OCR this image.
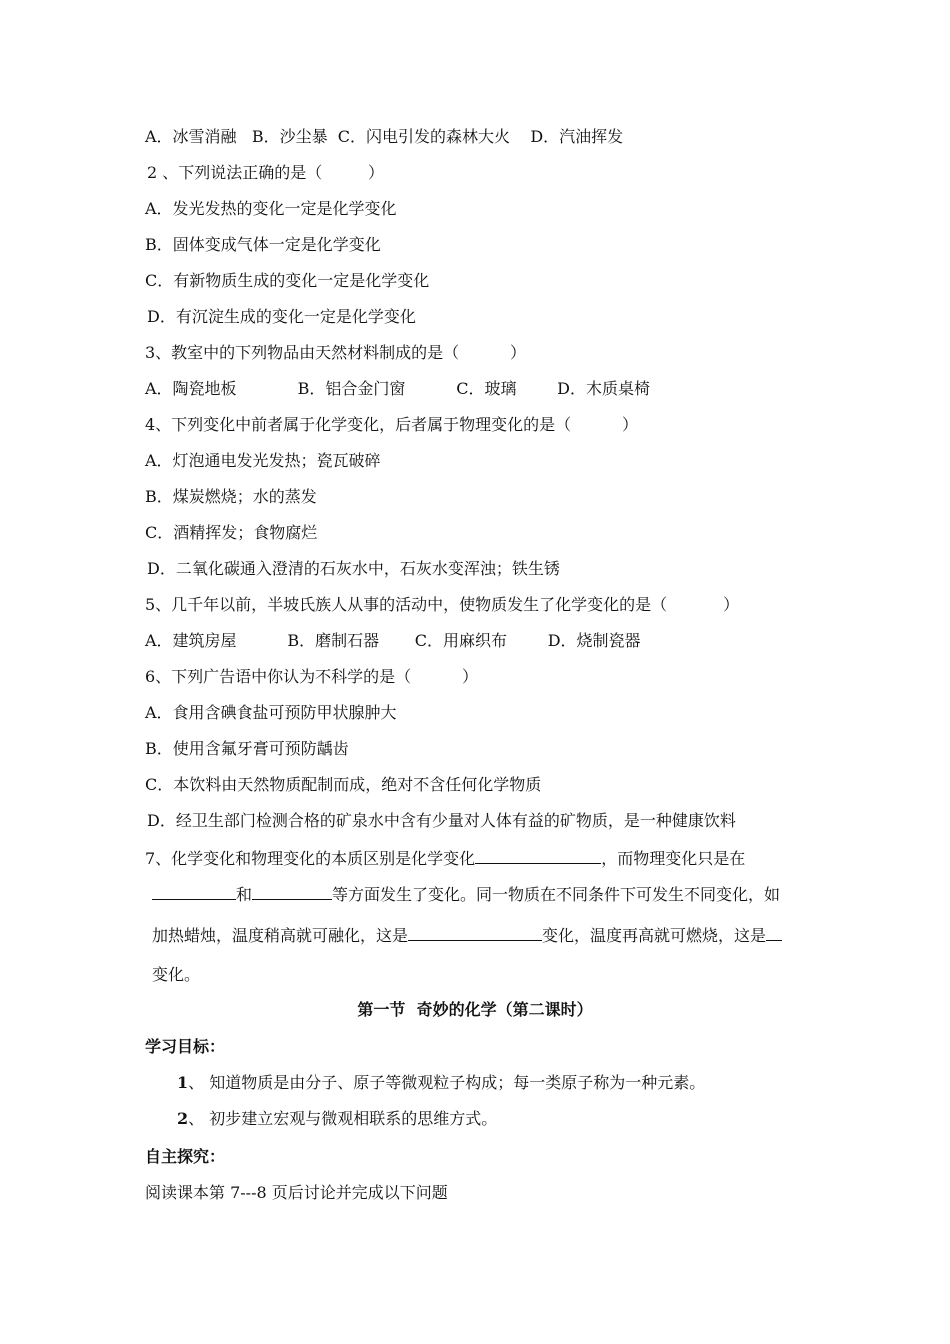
A．冰雪消融   B．沙尘暴  C．闪电引发的森林大火    D．汽油挥发
2 、下列说法正确的是（         ）
A．发光发热的变化一定是化学变化
B．固体变成气体一定是化学变化
C．有新物质生成的变化一定是化学变化
D．有沉淀生成的变化一定是化学变化
3、教室中的下列物品由天然材料制成的是（          ）
A．陶瓷地板            B．铝合金门窗          C．玻璃        D．木质桌椅
4、下列变化中前者属于化学变化，后者属于物理变化的是（          ）
A．灯泡通电发光发热；瓷瓦破碎
B．煤炭燃烧；水的蒸发
C．酒精挥发；食物腐烂
D．二氧化碳通入澄清的石灰水中，石灰水变浑浊；铁生锈
5、几千年以前，半坡氏族人从事的活动中，使物质发生了化学变化的是（           ）
A．建筑房屋          B．磨制石器       C．用麻织布        D．烧制瓷器
6、下列广告语中你认为不科学的是（          ）
A．食用含碘食盐可预防甲状腺肿大
B．使用含氟牙膏可预防龋齿
C．本饮料由天然物质配制而成，绝对不含任何化学物质
D．经卫生部门检测合格的矿泉水中含有少量对人体有益的矿物质，是一种健康饮料
7、化学变化和物理变化的本质区别是化学变化	，而物理变化只是在
和	等方面发生了变化。同一物质在不同条件下可发生不同变化，如
加热蜡烛，温度稍高就可融化，这是	变化，温度再高就可燃烧，这是
变化。
第一节  奇妙的化学（第二课时）
学习目标：
1、 知道物质是由分子、原子等微观粒子构成；每一类原子称为一种元素。
2、 初步建立宏观与微观相联系的思维方式。
自主探究：
阅读课本第 7---8 页后讨论并完成以下问题
